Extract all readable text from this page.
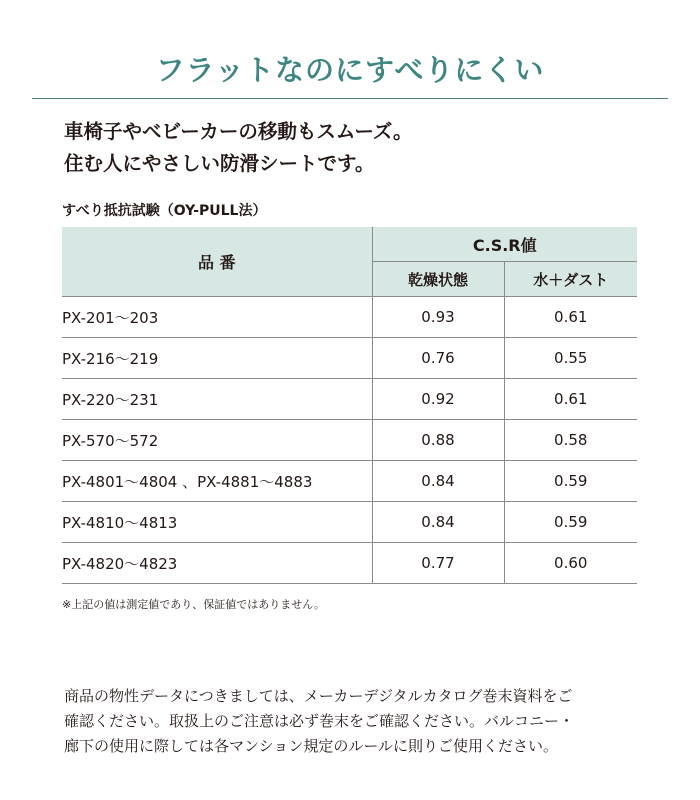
フラットなのにすべりにくい
車椅子やベビーカーの移動もスムーズ。
住む人にやさしい防滑シートです。
すべり抵抗試験（OY-PULL法）
品 番	C.S.R値	
	乾燥状態	水＋ダスト
PX-201〜203	0.93	0.61
PX-216〜219	0.76	0.55
PX-220〜231	0.92	0.61
PX-570〜572	0.88	0.58
PX-4801〜4804 、PX-4881〜4883	0.84	0.59
PX-4810〜4813	0.84	0.59
PX-4820〜4823	0.77	0.60
※上記の値は測定値であり、保証値ではありません。
商品の物性データにつきましては、メーカーデジタルカタログ巻末資料をご
確認ください。取扱上のご注意は必ず巻末をご確認ください。バルコニー・
廊下の使用に際しては各マンション規定のルールに則りご使用ください。
